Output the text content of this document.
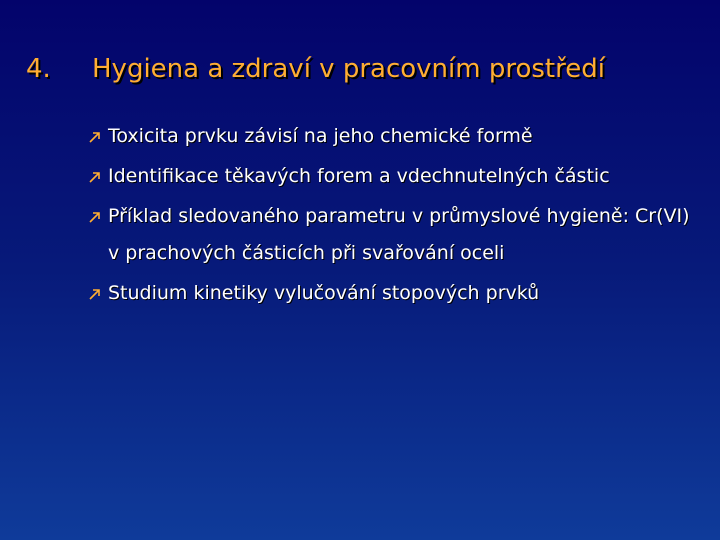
4. Hygiena a zdraví v pracovním prostředí
Toxicita prvku závisí na jeho chemické formě
Identifikace těkavých forem a vdechnutelných částic
Příklad sledovaného parametru v průmyslové hygieně: Cr(VI) v prachových částicích při svařování oceli
Studium kinetiky vylučování stopových prvků
